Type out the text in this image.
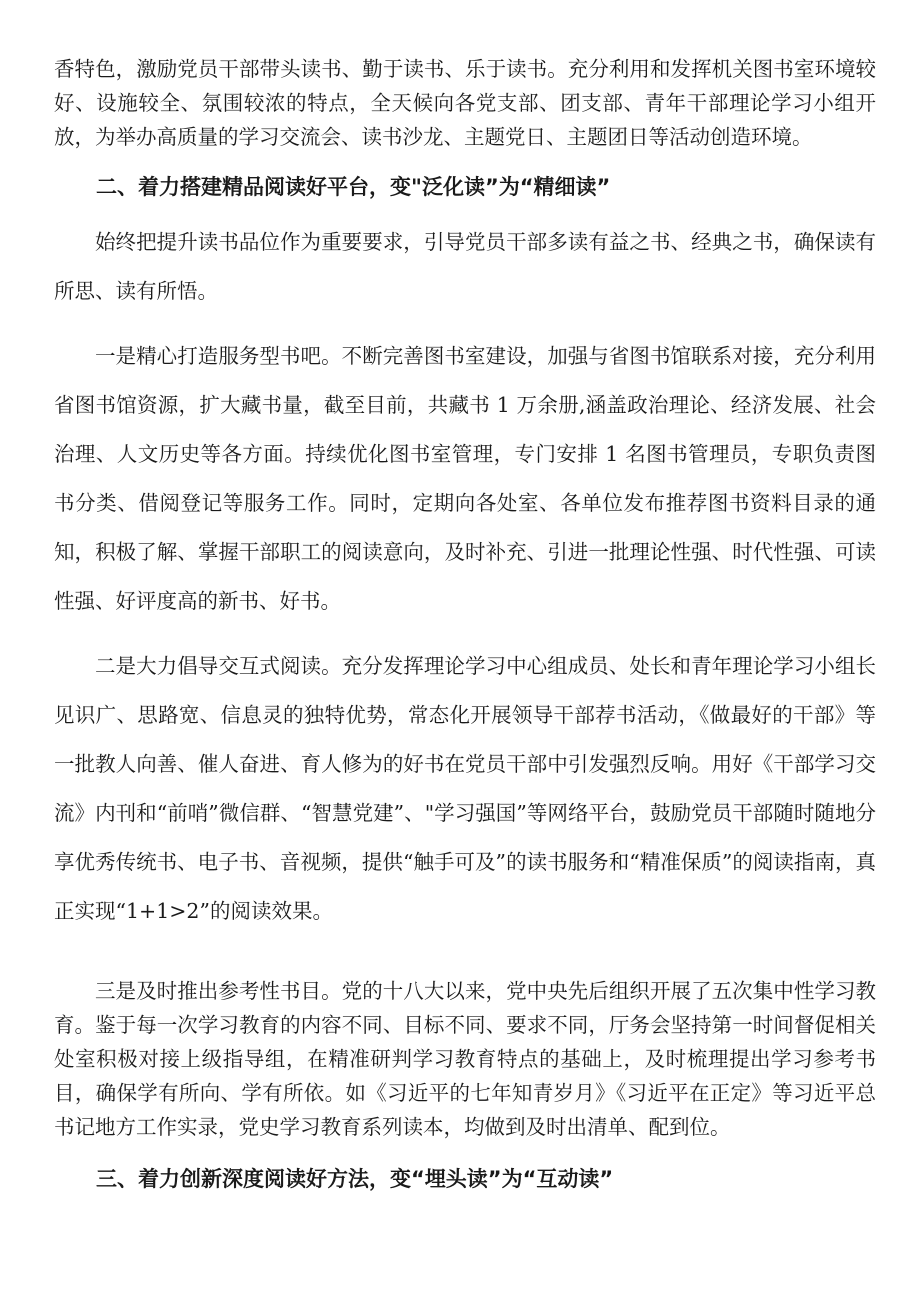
香特色，激励党员干部带头读书、勤于读书、乐于读书。充分利用和发挥机关图书室环境较好、设施较全、氛围较浓的特点，全天候向各党支部、团支部、青年干部理论学习小组开放，为举办高质量的学习交流会、读书沙龙、主题党日、主题团日等活动创造环境。

二、着力搭建精品阅读好平台，变"泛化读”为“精细读”

始终把提升读书品位作为重要要求，引导党员干部多读有益之书、经典之书，确保读有所思、读有所悟。

一是精心打造服务型书吧。不断完善图书室建设，加强与省图书馆联系对接，充分利用省图书馆资源，扩大藏书量，截至目前，共藏书 1 万余册,涵盖政治理论、经济发展、社会治理、人文历史等各方面。持续优化图书室管理，专门安排 1 名图书管理员，专职负责图书分类、借阅登记等服务工作。同时，定期向各处室、各单位发布推荐图书资料目录的通知，积极了解、掌握干部职工的阅读意向，及时补充、引进一批理论性强、时代性强、可读性强、好评度高的新书、好书。

二是大力倡导交互式阅读。充分发挥理论学习中心组成员、处长和青年理论学习小组长见识广、思路宽、信息灵的独特优势，常态化开展领导干部荐书活动，《做最好的干部》等一批教人向善、催人奋进、育人修为的好书在党员干部中引发强烈反响。用好《干部学习交流》内刊和“前哨”微信群、“智慧党建”、"学习强国”等网络平台，鼓励党员干部随时随地分享优秀传统书、电子书、音视频，提供“触手可及”的读书服务和“精准保质”的阅读指南，真正实现“1+1>2”的阅读效果。

三是及时推出参考性书目。党的十八大以来，党中央先后组织开展了五次集中性学习教育。鉴于每一次学习教育的内容不同、目标不同、要求不同，厅务会坚持第一时间督促相关处室积极对接上级指导组，在精准研判学习教育特点的基础上，及时梳理提出学习参考书目，确保学有所向、学有所依。如《习近平的七年知青岁月》《习近平在正定》等习近平总书记地方工作实录，党史学习教育系列读本，均做到及时出清单、配到位。

三、着力创新深度阅读好方法，变“埋头读”为“互动读”
